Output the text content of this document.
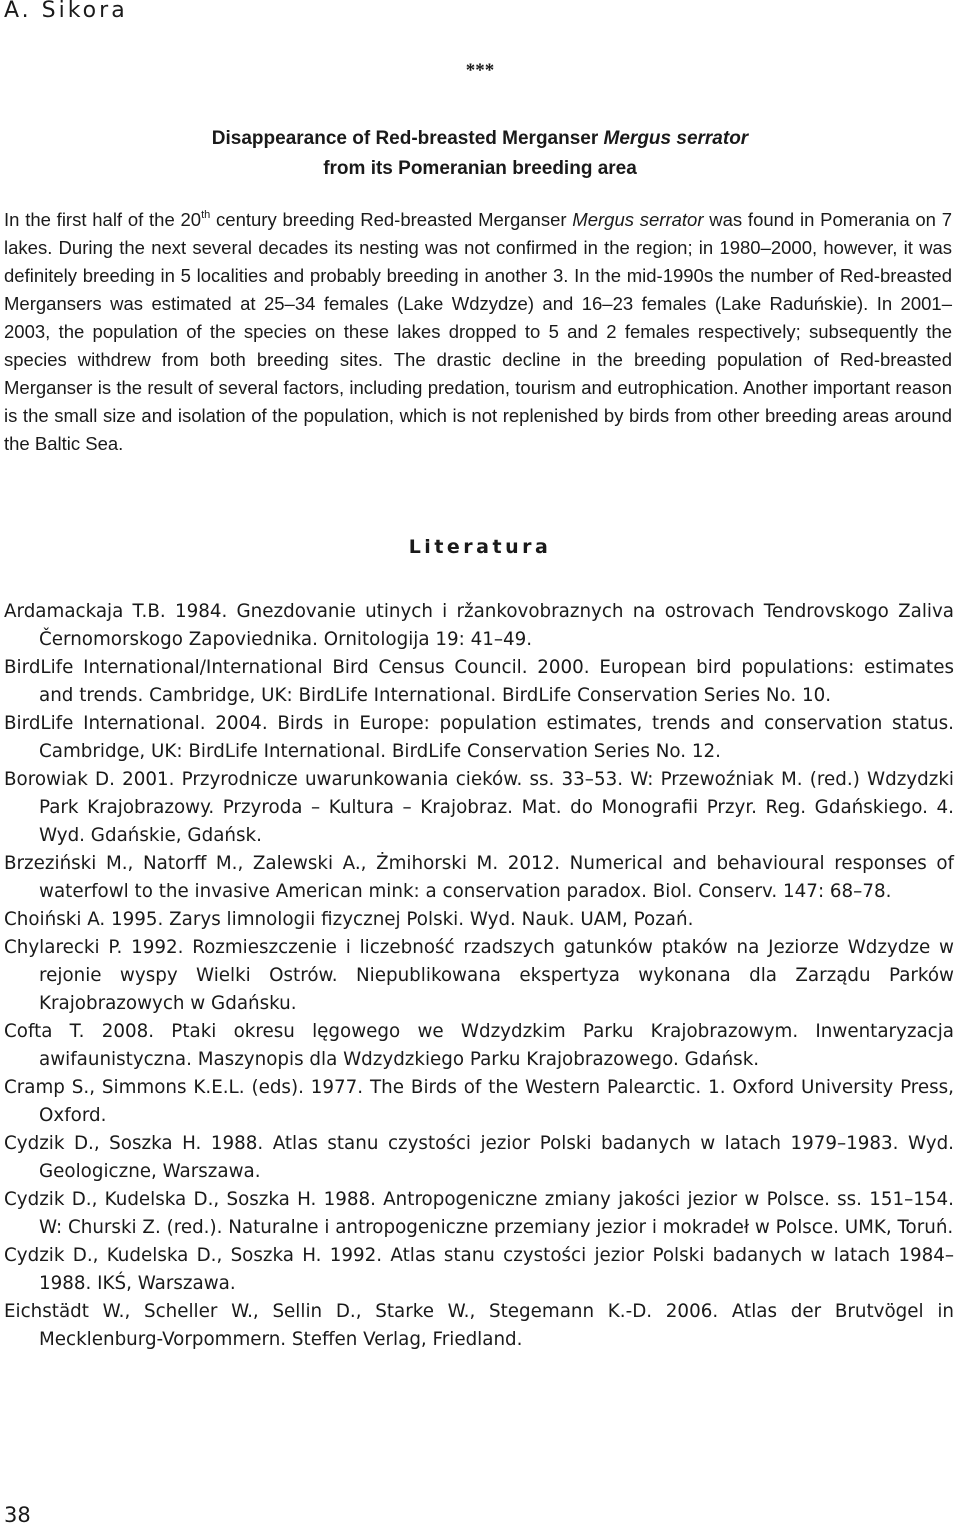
A. Sikora
***
Disappearance of Red-breasted Merganser Mergus serrator
from its Pomeranian breeding area
In the first half of the 20th century breeding Red-breasted Merganser Mergus serrator was found in Pomerania on 7 lakes. During the next several decades its nesting was not confirmed in the region; in 1980–2000, however, it was definitely breeding in 5 localities and probably breeding in another 3. In the mid-1990s the number of Red-breasted Mergansers was estimated at 25–34 females (Lake Wdzydze) and 16–23 females (Lake Raduńskie). In 2001–2003, the population of the species on these lakes dropped to 5 and 2 females respectively; subsequently the species withdrew from both breeding sites. The drastic decline in the breeding population of Red-breasted Merganser is the result of several factors, including predation, tourism and eutrophication. Another important reason is the small size and isolation of the population, which is not replenished by birds from other breeding areas around the Baltic Sea.
Literatura
Ardamackaja T.B. 1984. Gnezdovanie utinych i ržankovobraznych na ostrovach Tendrovskogo Zaliva Černomorskogo Zapoviednika. Ornitologija 19: 41–49.
BirdLife International/International Bird Census Council. 2000. European bird populations: estimates and trends. Cambridge, UK: BirdLife International. BirdLife Conservation Series No. 10.
BirdLife International. 2004. Birds in Europe: population estimates, trends and conservation status. Cambridge, UK: BirdLife International. BirdLife Conservation Series No. 12.
Borowiak D. 2001. Przyrodnicze uwarunkowania cieków. ss. 33–53. W: Przewoźniak M. (red.) Wdzydzki Park Krajobrazowy. Przyroda – Kultura – Krajobraz. Mat. do Monografii Przyr. Reg. Gdańskiego. 4. Wyd. Gdańskie, Gdańsk.
Brzeziński M., Natorff M., Zalewski A., Żmihorski M. 2012. Numerical and behavioural responses of waterfowl to the invasive American mink: a conservation paradox. Biol. Conserv. 147: 68–78.
Choiński A. 1995. Zarys limnologii fizycznej Polski. Wyd. Nauk. UAM, Pozań.
Chylarecki P. 1992. Rozmieszczenie i liczebność rzadszych gatunków ptaków na Jeziorze Wdzydze w rejonie wyspy Wielki Ostrów. Niepublikowana ekspertyza wykonana dla Zarządu Parków Krajobrazowych w Gdańsku.
Cofta T. 2008. Ptaki okresu lęgowego we Wdzydzkim Parku Krajobrazowym. Inwentaryzacja awifaunistyczna. Maszynopis dla Wdzydzkiego Parku Krajobrazowego. Gdańsk.
Cramp S., Simmons K.E.L. (eds). 1977. The Birds of the Western Palearctic. 1. Oxford University Press, Oxford.
Cydzik D., Soszka H. 1988. Atlas stanu czystości jezior Polski badanych w latach 1979–1983. Wyd. Geologiczne, Warszawa.
Cydzik D., Kudelska D., Soszka H. 1988. Antropogeniczne zmiany jakości jezior w Polsce. ss. 151–154. W: Churski Z. (red.). Naturalne i antropogeniczne przemiany jezior i mokradeł w Polsce. UMK, Toruń.
Cydzik D., Kudelska D., Soszka H. 1992. Atlas stanu czystości jezior Polski badanych w latach 1984–1988. IKŚ, Warszawa.
Eichstädt W., Scheller W., Sellin D., Starke W., Stegemann K.-D. 2006. Atlas der Brutvögel in Mecklenburg-Vorpommern. Steffen Verlag, Friedland.
38
